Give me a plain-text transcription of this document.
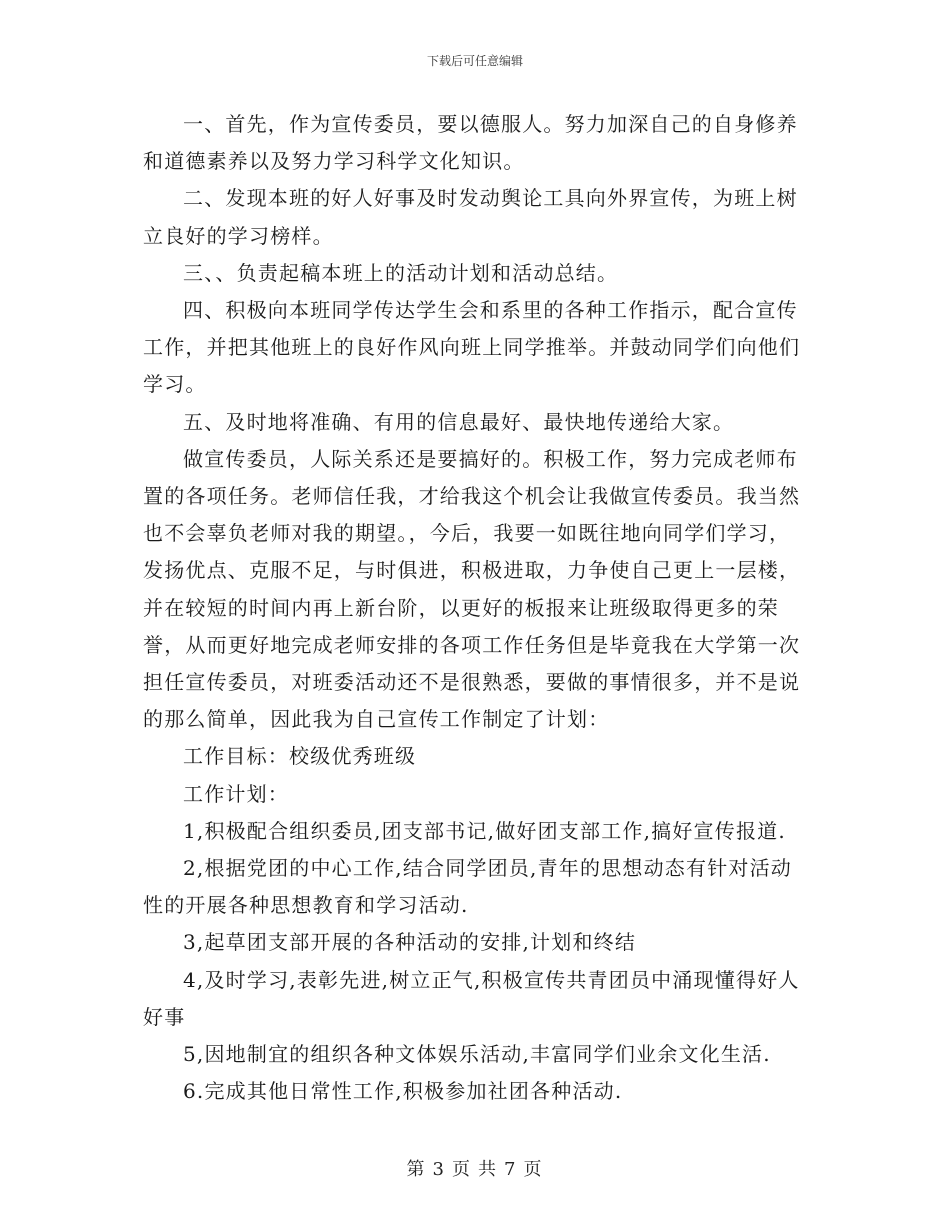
下载后可任意编辑

一、首先，作为宣传委员，要以德服人。努力加深自己的自身修养和道德素养以及努力学习科学文化知识。

二、发现本班的好人好事及时发动舆论工具向外界宣传，为班上树立良好的学习榜样。

三、、负责起稿本班上的活动计划和活动总结。

四、积极向本班同学传达学生会和系里的各种工作指示，配合宣传工作，并把其他班上的良好作风向班上同学推举。并鼓动同学们向他们学习。

五、及时地将准确、有用的信息最好、最快地传递给大家。

做宣传委员，人际关系还是要搞好的。积极工作，努力完成老师布置的各项任务。老师信任我，才给我这个机会让我做宣传委员。我当然也不会辜负老师对我的期望。，今后，我要一如既往地向同学们学习，发扬优点、克服不足，与时俱进，积极进取，力争使自己更上一层楼，并在较短的时间内再上新台阶，以更好的板报来让班级取得更多的荣誉，从而更好地完成老师安排的各项工作任务但是毕竟我在大学第一次担任宣传委员，对班委活动还不是很熟悉，要做的事情很多，并不是说的那么简单，因此我为自己宣传工作制定了计划：

工作目标：校级优秀班级

工作计划：

1,积极配合组织委员,团支部书记,做好团支部工作,搞好宣传报道.

2,根据党团的中心工作,结合同学团员,青年的思想动态有针对活动性的开展各种思想教育和学习活动.

3,起草团支部开展的各种活动的安排,计划和终结

4,及时学习,表彰先进,树立正气,积极宣传共青团员中涌现懂得好人好事

5,因地制宜的组织各种文体娱乐活动,丰富同学们业余文化生活.

6.完成其他日常性工作,积极参加社团各种活动.

第 3 页 共 7 页
